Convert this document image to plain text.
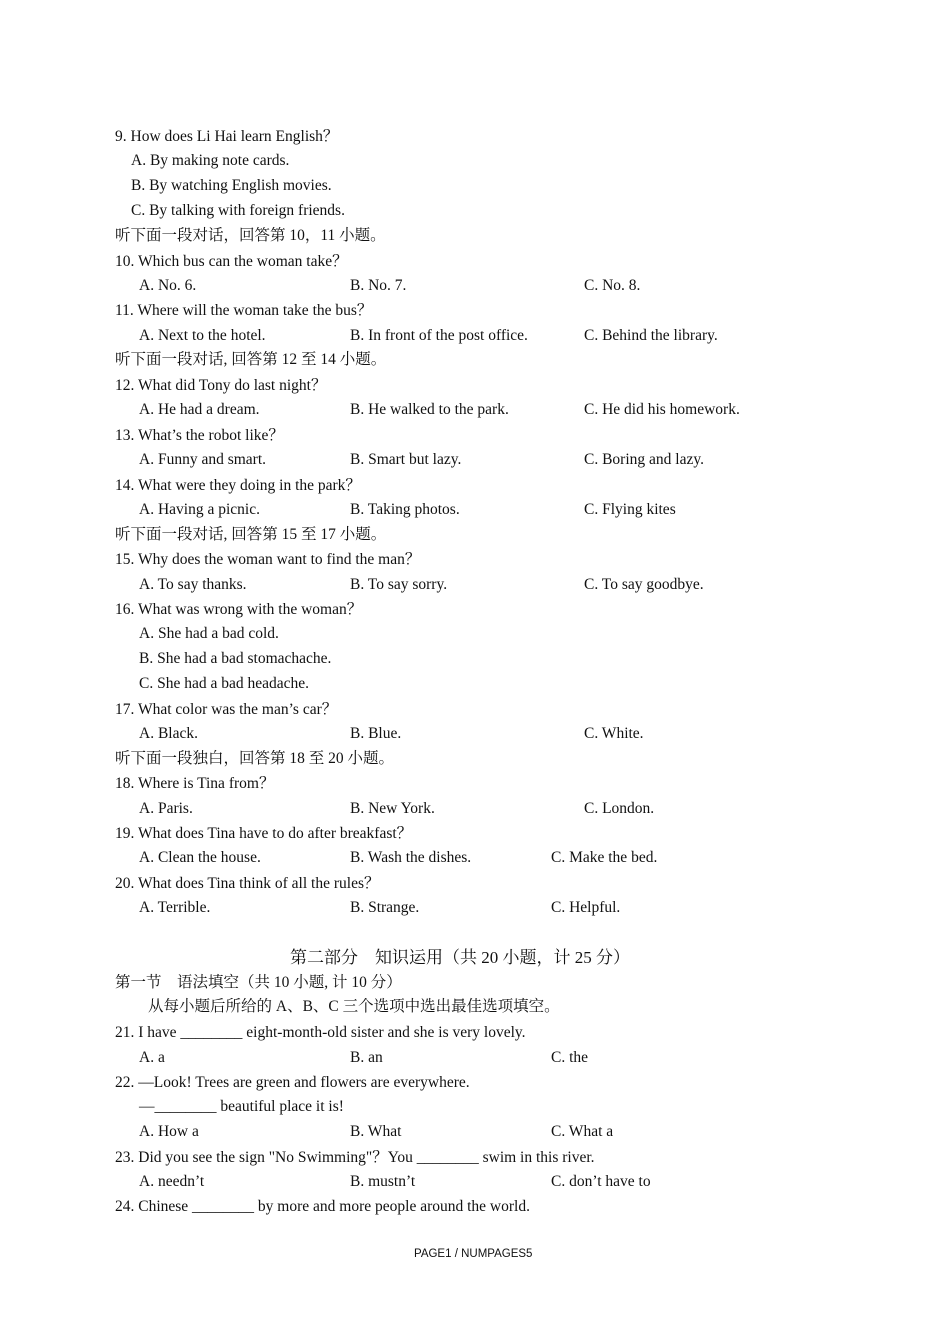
9. How does Li Hai learn English？
A. By making note cards.
B. By watching English movies.
C. By talking with foreign friends.
听下面一段对话，回答第 10，11 小题。
10. Which bus can the woman take？
A. No. 6.	B. No. 7.	C. No. 8.
11. Where will the woman take the bus？
A. Next to the hotel.	B. In front of the post office.	C. Behind the library.
听下面一段对话, 回答第 12 至 14 小题。
12. What did Tony do last night？
A. He had a dream.	B. He walked to the park.	C. He did his homework.
13. What’s the robot like？
A. Funny and smart.	B. Smart but lazy.	C. Boring and lazy.
14. What were they doing in the park？
A. Having a picnic.	B. Taking photos.	C. Flying kites
听下面一段对话, 回答第 15 至 17 小题。
15. Why does the woman want to find the man？
A. To say thanks.	B. To say sorry.	C. To say goodbye.
16. What was wrong with the woman？
A. She had a bad cold.
B. She had a bad stomachache.
C. She had a bad headache.
17. What color was the man’s car？
A. Black.	B. Blue.	C. White.
听下面一段独白，回答第 18 至 20 小题。
18. Where is Tina from？
A. Paris.	B. New York.	C. London.
19. What does Tina have to do after breakfast？
A. Clean the house.	B. Wash the dishes.	C. Make the bed.
20. What does Tina think of all the rules？
A. Terrible.	B. Strange.	C. Helpful.
第二部分　知识运用（共 20 小题，计 25 分）
第一节　语法填空（共 10 小题, 计 10 分）
从每小题后所给的 A、B、C 三个选项中选出最佳选项填空。
21. I have ________ eight-month-old sister and she is very lovely.
A. a	B. an	C. the
22. —Look! Trees are green and flowers are everywhere.
—________ beautiful place it is!
A. How a	B. What	C. What a
23. Did you see the sign "No Swimming"？You ________ swim in this river.
A. needn’t	B. mustn’t	C. don’t have to
24. Chinese ________ by more and more people around the world.
PAGE1 / NUMPAGES5
